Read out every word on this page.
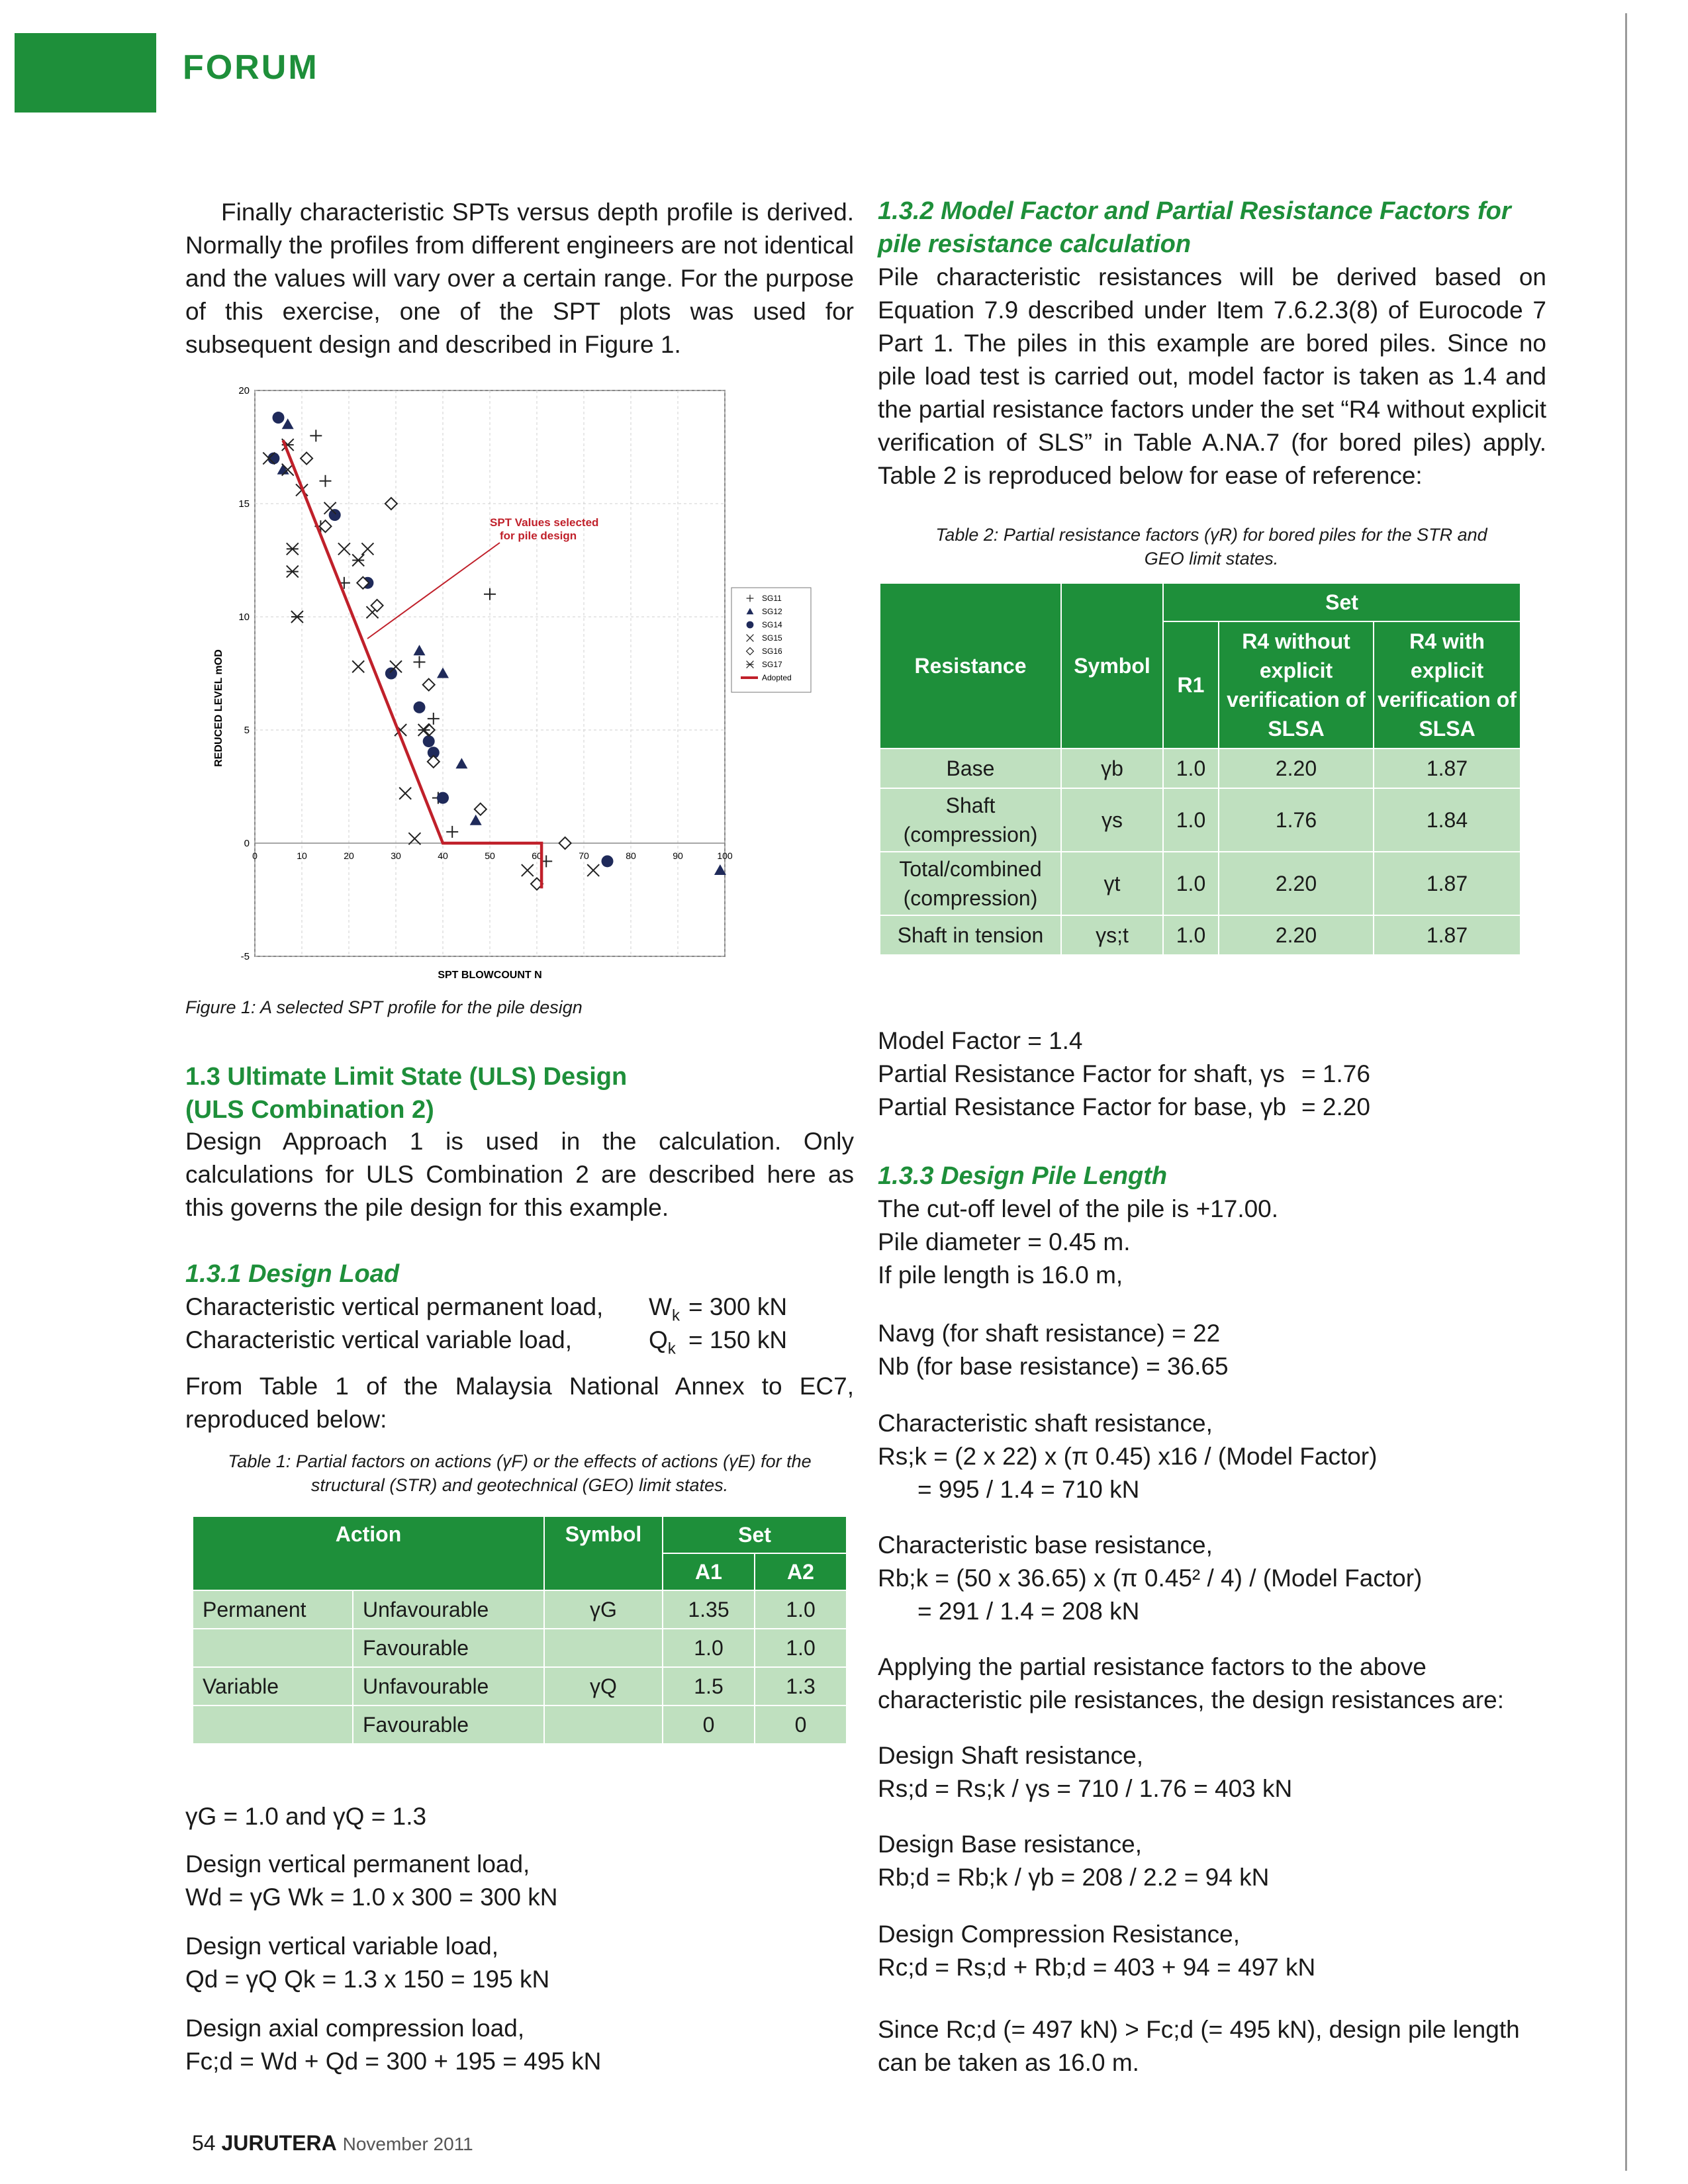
FORUM

Finally characteristic SPTs versus depth profile is derived. Normally the profiles from different engineers are not identical and the values will vary over a certain range. For the purpose of this exercise, one of the SPT plots was used for subsequent design and described in Figure 1.

-5
0
5
10
15
20
0	10	20	30	40	50	60	70	80	90	100
REDUCED LEVEL mOD
SPT BLOWCOUNT N
SG11
SG12
SG14
SG15
SG16
SG17
Adopted
SPT Values selected
for pile design

Figure 1: A selected SPT profile for the pile design

1.3 Ultimate Limit State (ULS) Design

(ULS Combination 2)

Design Approach 1 is used in the calculation. Only calculations for ULS Combination 2 are described here as this governs the pile design for this example.

1.3.1 Design Load

Characteristic vertical permanent load, $W_k = 300$ kN
Characteristic vertical variable load,	$Q_k = 150$ kN

From Table 1 of the Malaysia National Annex to EC7, reproduced below:

Table 1: Partial factors on actions (γF) or the effects of actions (γE) for the structural (STR) and geotechnical (GEO) limit states.

Action		Symbol	Set	
			A1	A2
Permanent	Unfavourable	γG	1.35	1.0
	Favourable		1.0	1.0
Variable	Unfavourable	γQ	1.5	1.3
	Favourable		0	0

γG = 1.0 and γQ = 1.3

Design vertical permanent load,

Wd = γG Wk = 1.0 x 300 = 300 kN

Design vertical variable load,

Qd = γQ Qk = 1.3 x 150 = 195 kN

Design axial compression load,

Fc;d = Wd + Qd = 300 + 195 = 495 kN

1.3.2 Model Factor and Partial Resistance Factors for

pile resistance calculation

Pile characteristic resistances will be derived based on Equation 7.9 described under Item 7.6.2.3(8) of Eurocode 7 Part 1. The piles in this example are bored piles. Since no pile load test is carried out, model factor is taken as 1.4 and the partial resistance factors under the set “R4 without explicit verification of SLS” in Table A.NA.7 (for bored piles) apply. Table 2 is reproduced below for ease of reference:

Table 2: Partial resistance factors (γR) for bored piles for the STR and GEO limit states.

Resistance	Symbol	Set		
		R1	R4 without explicit verification of SLSA	R4 with explicit verification of SLSA
Base	γb	1.0	2.20	1.87
Shaft (compression)	γs	1.0	1.76	1.84
Total/combined (compression)	γt	1.0	2.20	1.87
Shaft in tension	γs;t	1.0	2.20	1.87

Model Factor = 1.4

Partial Resistance Factor for shaft, γs = 1.76
Partial Resistance Factor for base, γb = 2.20

1.3.3 Design Pile Length

The cut-off level of the pile is +17.00.

Pile diameter = 0.45 m.

If pile length is 16.0 m,

Navg (for shaft resistance) = 22

Nb (for base resistance) = 36.65

Characteristic shaft resistance,

Rs;k = (2 x 22) x (π 0.45) x16 / (Model Factor)

= 995 / 1.4 = 710 kN

Characteristic base resistance,

Rb;k = (50 x 36.65) x (π 0.45² / 4) / (Model Factor)

= 291 / 1.4 = 208 kN

Applying the partial resistance factors to the above characteristic pile resistances, the design resistances are:

Design Shaft resistance,

Rs;d = Rs;k / γs = 710 / 1.76 = 403 kN

Design Base resistance,

Rb;d = Rb;k / γb = 208 / 2.2 = 94 kN

Design Compression Resistance,

Rc;d = Rs;d + Rb;d = 403 + 94 = 497 kN

Since Rc;d (= 497 kN) > Fc;d (= 495 kN), design pile length

can be taken as 16.0 m.

54 JURUTERA November 2011
